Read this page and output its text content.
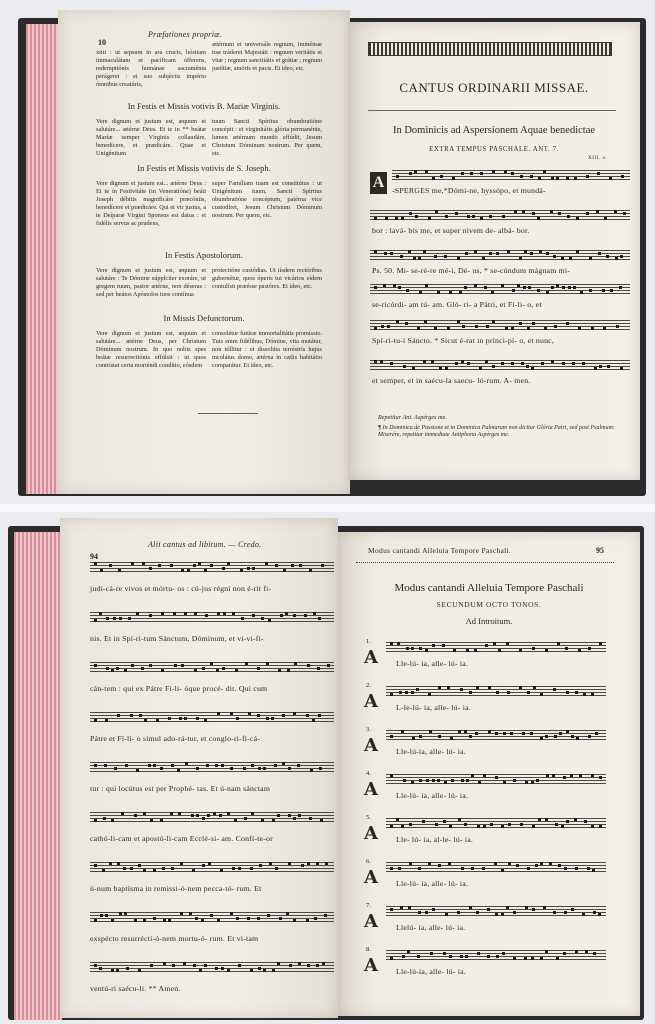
10
Præfationes propriæ.
xitti : ut sepsum in ara crucis, hóstiam immaculátam et pacíficam ófferens, redemptiónis humánae sacraménta perágeret : et suo subjéctis império ómnibus creatúris,
ætérnum et universále regnum, imménsæ tuæ tráderet Majestáti : regnum veritátis et vitæ ; regnum sanctitátis et grátiæ ; regnum justítiæ, amóris et pacis. Et ídeo, etc.
In Festis et Missis votivis B. Mariæ Virginis.
Vere dignum et justum est, æquum et salutáre... ætérne Deus. Et te in ** beátæ Maríæ semper Vírginis collaudáre, benedícere, et prædicáre. Quae et Unigénitum
tuum Sancti Spíritus obumbratióne concépit : et virginitátis glória permanénte, lumen ætérnum mundo effúdit, Jesum Christum Dóminum nostrum. Per quem, etc.
In Festis et Missis votivis de S. Joseph.
Vere dignum et justum est... ætérne Deus : Et te in Festivitáte (in Veneratióne) beáti Joseph débitis magnificáre præcóniis, benedícere et prædicáre. Qui et vir justus, a te Deíparæ Vírgini Sponsus est datus : et fidélis servus ac prudens,
super Famíliam tuam est constitútus : ut Unigénitum tuum, Sancti Spíritus obumbratióne concéptum, patérna vice custodíret, Jesum Christum Dóminum nostrum. Per quem, etc.
In Festis Apostolorum.
Vere dignum et justum est, æquum et salutáre : Te Dómine súpplciter exoráre, ut gregem tuum, pastor ætérne, non déseras : sed per beátos Apóstolos tuos contínua
protectióne custódias. Ut iísdem rectóribus gubernétur, quos óperis tui vicários eídem contulísti præésse pastóres. Et ídeo, etc.
In Missis Defunctorum.
Vere dignum et justum est, æquum et salutáre... ætérne Deus, per Christum Dóminum nostrum. In quo nobis spes beátæ resurrectiónis effúlsit : ut quos contrístat certa moriéndi condítio, eósdem
consolétur futúræ immortalitátis promíssio. Tuis enim fidélibus, Dómine, vita mutátur, non tóllitur : et dissolúta terréstris hujus incolátus domo, ætérna in cælis habitátio comparátur. Et ídeo, etc.
CANTUS ORDINARII MISSAE.
In Dominicis ad Aspersionem Aquae benedictae
EXTRA TEMPUS PASCHALE. ANT. 7.
XIII. s.
A
Repetitur Ant. Aspérges me.
¶ In Dominica de Passione et in Dominica Palmarum non dicitur Glória Patri, sed post Psalmum: Miserére, repetitur immediate Antiphona Aspérges me.
-SPERGES me,*Dómi-ne, hyssópo, et mundá-
bor : lavá- bis me, et super nivem de- albá- bor.
Ps. 50. Mi- se-ré-re mé-i, Dé- us, * se-cúndum mágnam mi-
se-ricórdi- am tú- am. Gló- ri- a Pátri, et Fí-li- o, et
Spí-ri-tu-i Sáncto. * Sicut é-rat in prínci-pi- o, et nunc,
et semper, et in saécu-la saecu- ló-rum. A- men.
94
Alii cantus ad libitum. — Credo.
judi-cá-re vivos et mórtu- os : cú-jus régni non é-rit fi-
nis. Et in Spí-ri-tum Sánctum, Dóminum, et vi-vi-fi-
cán-tem : qui ex Pátre Fi-li- óque procé- dit. Qui cum
Pátre et Fí-li- o simul ado-rá-tur, et conglo-ri-fi-cá-
tur : qui locútus est per Prophé- tas. Et ú-nam sánctam
cathó-li-cam et apostó-li-cam Ecclé-si- am. Confí-te-or
ú-num baptísma in remissi-ó-nem pecca-tó- rum. Et
exspécto resurrécti-ó-nem mortu-ó- rum. Et vi-tam
ventú-ri saécu-li. ** Amen.
Modus cantandi Alleluia Tempore Paschali.	95
Modus cantandi Alleluia Tempore Paschali
SECUNDUM OCTO TONOS.
Ad Introitum.
1.
A Lle-lú- ia, alle- lú- ia.
2.
A L-le-lú- ia, alle- lú- ia.
3.
A Lle-lú-ia, alle- lú- ia.
4.
A Lle-lú- ia, alle- lú- ia.
5.
A Lle- lú- ia, al-le- lú- ia.
6.
A Lle-lú- ia, alle- lú- ia.
7.
A Llelú- ia, alle- lú- ia.
8.
A Lle-lú-ia, alle- lú- ia.
